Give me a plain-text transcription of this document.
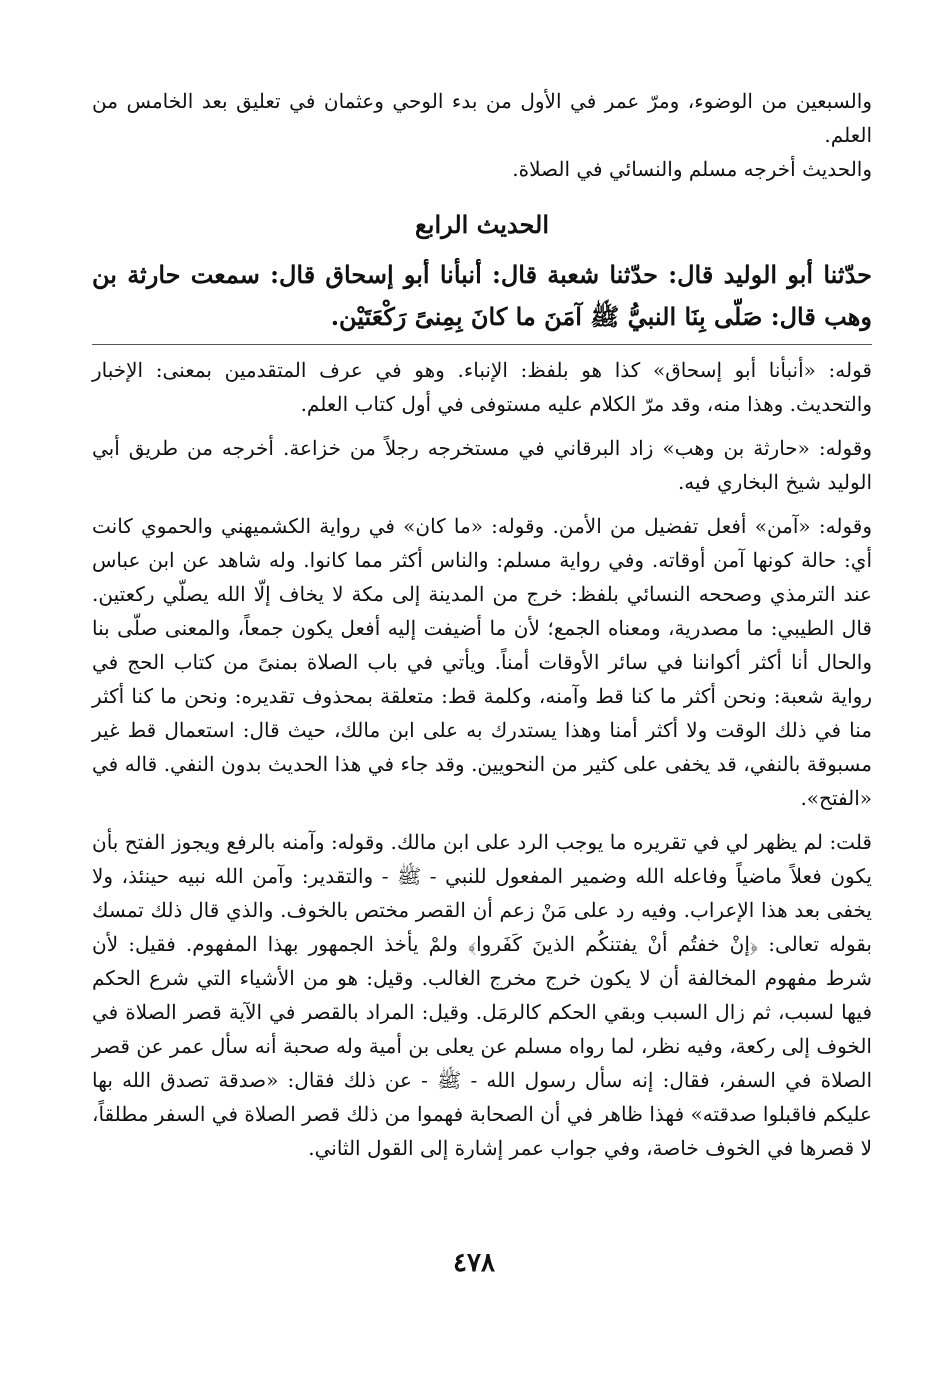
والسبعين من الوضوء، ومرّ عمر في الأول من بدء الوحي وعثمان في تعليق بعد الخامس من العلم.

والحديث أخرجه مسلم والنسائي في الصلاة.

الحديث الرابع

حدّثنا أبو الوليد قال: حدّثنا شعبة قال: أنبأنا أبو إسحاق قال: سمعت حارثة بن وهب قال: صَلّى بِنَا النبيُّ ﷺ آمَنَ ما كانَ بِمِنىً رَكْعَتَيْن.

قوله: «أنبأنا أبو إسحاق» كذا هو بلفظ: الإنباء. وهو في عرف المتقدمين بمعنى: الإخبار والتحديث. وهذا منه، وقد مرّ الكلام عليه مستوفى في أول كتاب العلم.

وقوله: «حارثة بن وهب» زاد البرقاني في مستخرجه رجلاً من خزاعة. أخرجه من طريق أبي الوليد شيخ البخاري فيه.

وقوله: «آمن» أفعل تفضيل من الأمن. وقوله: «ما كان» في رواية الكشميهني والحموي كانت أي: حالة كونها آمن أوقاته. وفي رواية مسلم: والناس أكثر مما كانوا. وله شاهد عن ابن عباس عند الترمذي وصححه النسائي بلفظ: خرج من المدينة إلى مكة لا يخاف إلّا الله يصلّي ركعتين. قال الطيبي: ما مصدرية، ومعناه الجمع؛ لأن ما أضيفت إليه أفعل يكون جمعاً، والمعنى صلّى بنا والحال أنا أكثر أكواننا في سائر الأوقات أمناً. ويأتي في باب الصلاة بمنىً من كتاب الحج في رواية شعبة: ونحن أكثر ما كنا قط وآمنه، وكلمة قط: متعلقة بمحذوف تقديره: ونحن ما كنا أكثر منا في ذلك الوقت ولا أكثر أمنا وهذا يستدرك به على ابن مالك، حيث قال: استعمال قط غير مسبوقة بالنفي، قد يخفى على كثير من النحويين. وقد جاء في هذا الحديث بدون النفي. قاله في «الفتح».

قلت: لم يظهر لي في تقريره ما يوجب الرد على ابن مالك. وقوله: وآمنه بالرفع ويجوز الفتح بأن يكون فعلاً ماضياً وفاعله الله وضمير المفعول للنبي - ﷺ - والتقدير: وآمن الله نبيه حينئذ، ولا يخفى بعد هذا الإعراب. وفيه رد على مَنْ زعم أن القصر مختص بالخوف. والذي قال ذلك تمسك بقوله تعالى: ﴿إنْ خفتُم أنْ يفتنكُم الذينَ كَفَروا﴾ ولمْ يأخذ الجمهور بهذا المفهوم. فقيل: لأن شرط مفهوم المخالفة أن لا يكون خرج مخرج الغالب. وقيل: هو من الأشياء التي شرع الحكم فيها لسبب، ثم زال السبب وبقي الحكم كالرمَل. وقيل: المراد بالقصر في الآية قصر الصلاة في الخوف إلى ركعة، وفيه نظر، لما رواه مسلم عن يعلى بن أمية وله صحبة أنه سأل عمر عن قصر الصلاة في السفر، فقال: إنه سأل رسول الله - ﷺ - عن ذلك فقال: «صدقة تصدق الله بها عليكم فاقبلوا صدقته» فهذا ظاهر في أن الصحابة فهموا من ذلك قصر الصلاة في السفر مطلقاً، لا قصرها في الخوف خاصة، وفي جواب عمر إشارة إلى القول الثاني.

٤٧٨
